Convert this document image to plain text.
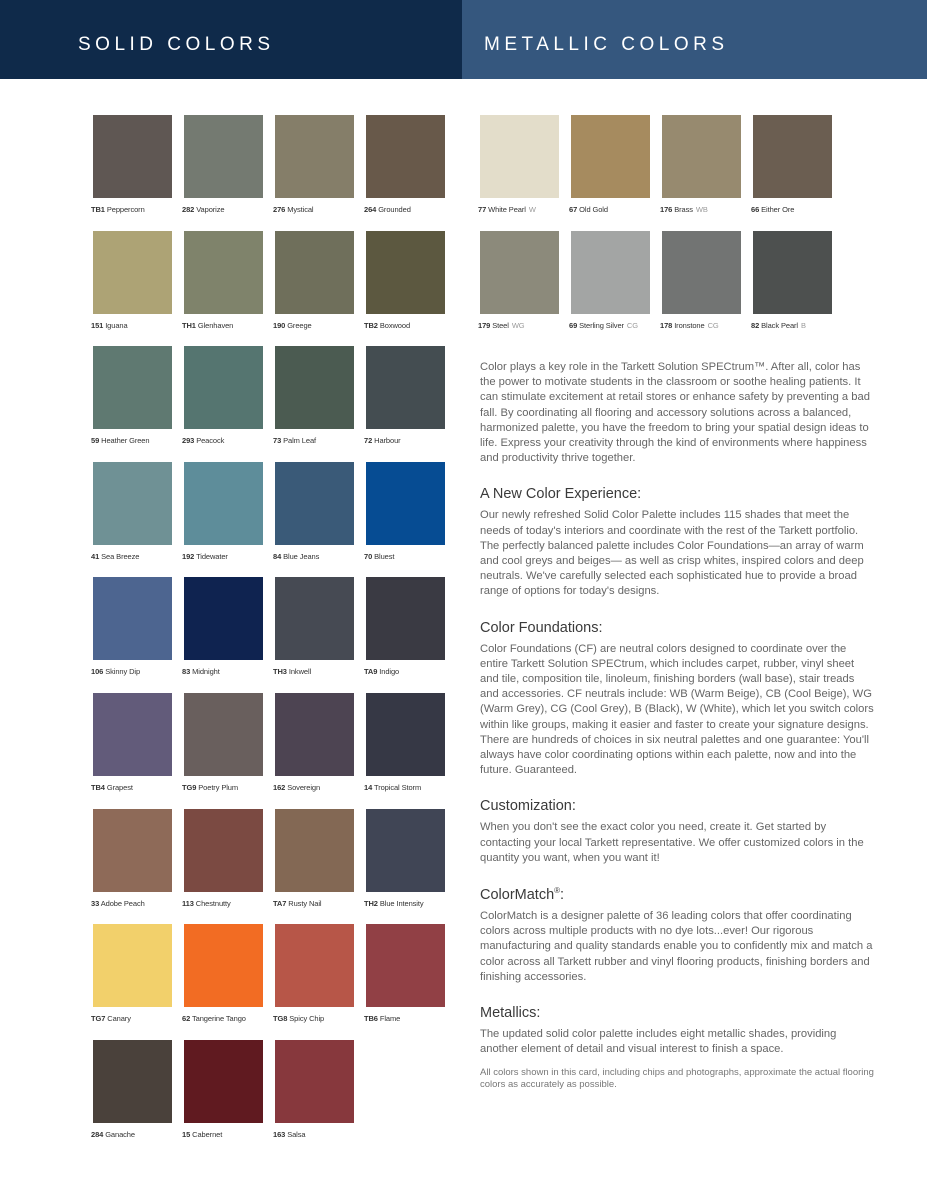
SOLID COLORS	METALLIC COLORS
TB1 Peppercorn	282 Vaporize	276 Mystical	264 Grounded
151 Iguana	TH1 Glenhaven	190 Greege	TB2 Boxwood
59 Heather Green	293 Peacock	73 Palm Leaf	72 Harbour
41 Sea Breeze	192 Tidewater	84 Blue Jeans	70 Bluest
106 Skinny Dip	83 Midnight	TH3 Inkwell	TA9 Indigo
TB4 Grapest	TG9 Poetry Plum	162 Sovereign	14 Tropical Storm
33 Adobe Peach	113 Chestnutty	TA7 Rusty Nail	TH2 Blue Intensity
TG7 Canary	62 Tangerine Tango	TG8 Spicy Chip	TB6 Flame
284 Ganache	15 Cabernet	163 Salsa
77 White Pearl W	67 Old Gold	176 Brass WB	66 Either Ore
179 Steel WG	69 Sterling Silver CG	178 Ironstone CG	82 Black Pearl B

Color plays a key role in the Tarkett Solution SPECtrum™. After all, color has the power to motivate students in the classroom or soothe healing patients. It can stimulate excitement at retail stores or enhance safety by preventing a bad fall. By coordinating all flooring and accessory solutions across a balanced, harmonized palette, you have the freedom to bring your spatial design ideas to life. Express your creativity through the kind of environments where happiness and productivity thrive together.

A New Color Experience:

Our newly refreshed Solid Color Palette includes 115 shades that meet the needs of today's interiors and coordinate with the rest of the Tarkett portfolio. The perfectly balanced palette includes Color Foundations—an array of warm and cool greys and beiges— as well as crisp whites, inspired colors and deep neutrals. We've carefully selected each sophisticated hue to provide a broad range of options for today's designs.

Color Foundations:

Color Foundations (CF) are neutral colors designed to coordinate over the entire Tarkett Solution SPECtrum, which includes carpet, rubber, vinyl sheet and tile, composition tile, linoleum, finishing borders (wall base), stair treads and accessories. CF neutrals include: WB (Warm Beige), CB (Cool Beige), WG (Warm Grey), CG (Cool Grey), B (Black), W (White), which let you switch colors within like groups, making it easier and faster to create your signature designs. There are hundreds of choices in six neutral palettes and one guarantee: You'll always have color coordinating options within each palette, now and into the future. Guaranteed.

Customization:

When you don't see the exact color you need, create it. Get started by contacting your local Tarkett representative. We offer customized colors in the quantity you want, when you want it!

ColorMatch®:

ColorMatch is a designer palette of 36 leading colors that offer coordinating colors across multiple products with no dye lots...ever! Our rigorous manufacturing and quality standards enable you to confidently mix and match a color across all Tarkett rubber and vinyl flooring products, finishing borders and finishing accessories.

Metallics:

The updated solid color palette includes eight metallic shades, providing another element of detail and visual interest to finish a space.

All colors shown in this card, including chips and photographs, approximate the actual flooring colors as accurately as possible.
